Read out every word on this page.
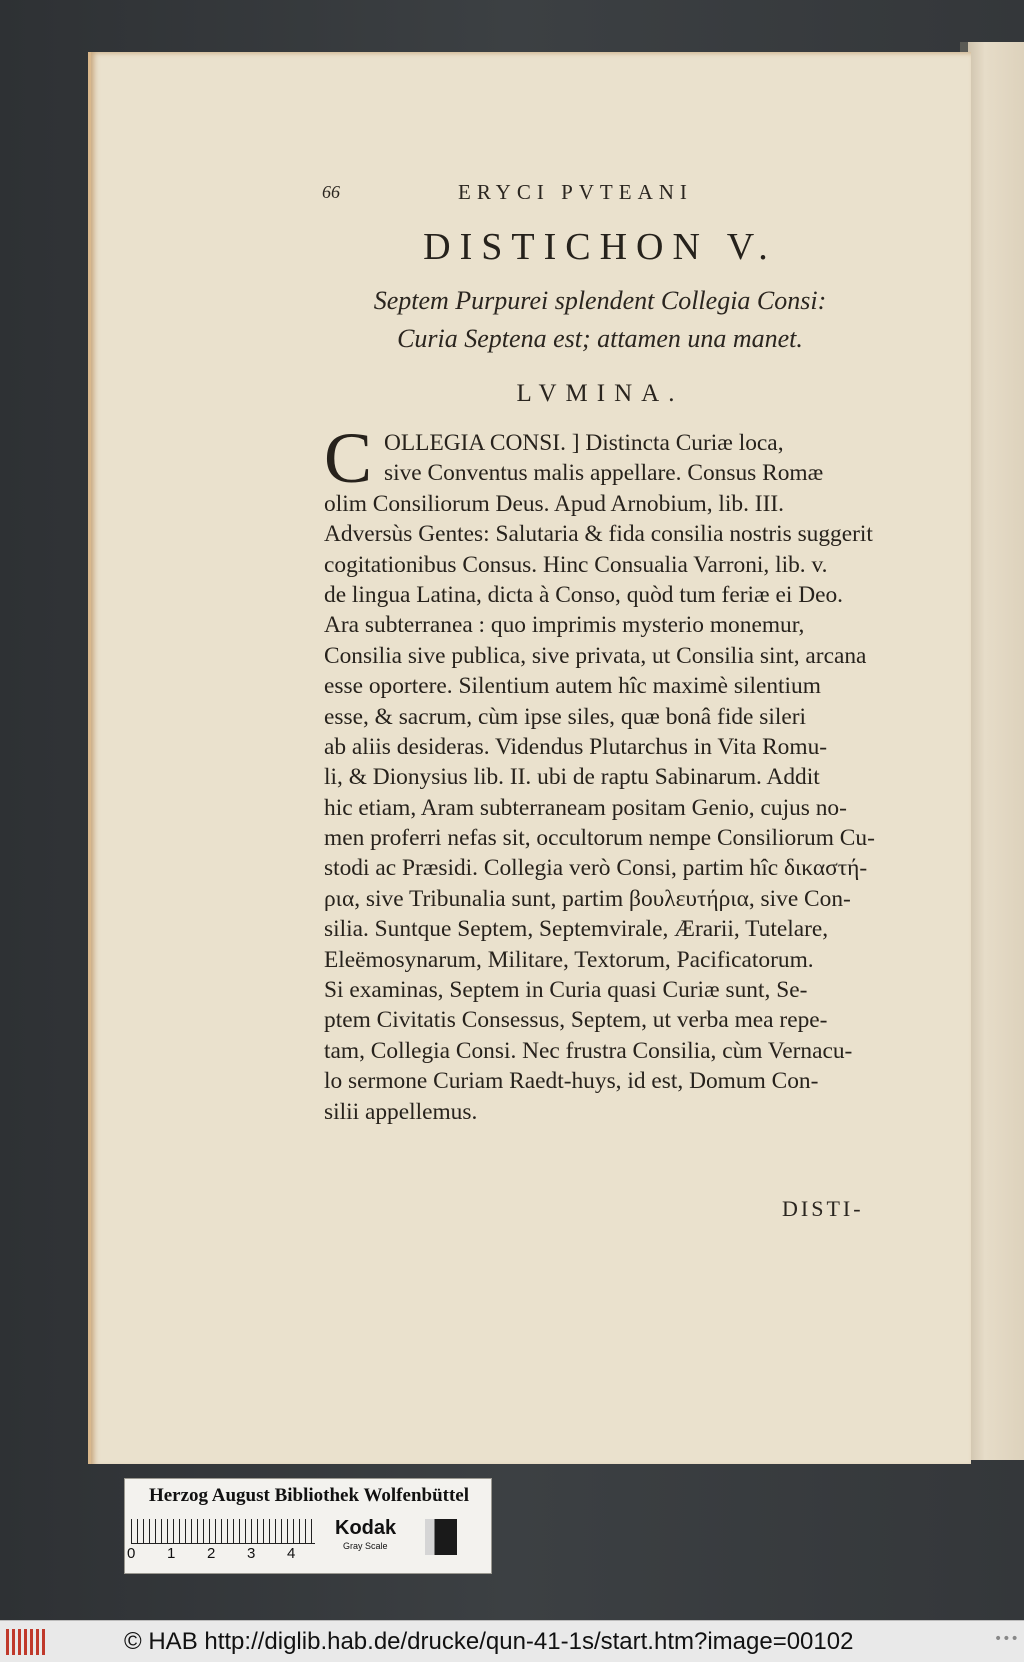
66	ERYCI PVTEANI
DISTICHON V.
Septem Purpurei splendent Collegia Consi:
Curia Septena est; attamen una manet.
LVMINA.
C OLLEGIA CONSI. ] Distincta Curiæ loca,
sive Conventus malis appellare. Consus Romæ
olim Consiliorum Deus. Apud Arnobium, lib. III.
Adversùs Gentes: Salutaria & fida consilia nostris suggerit
cogitationibus Consus. Hinc Consualia Varroni, lib. v.
de lingua Latina, dicta à Conso, quòd tum feriæ ei Deo.
Ara subterranea : quo imprimis mysterio monemur,
Consilia sive publica, sive privata, ut Consilia sint, arcana
esse oportere. Silentium autem hîc maximè silentium
esse, & sacrum, cùm ipse siles, quæ bonâ fide sileri
ab aliis desideras. Videndus Plutarchus in Vita Romu-
li, & Dionysius lib. II. ubi de raptu Sabinarum. Addit
hic etiam, Aram subterraneam positam Genio, cujus no-
men proferri nefas sit, occultorum nempe Consiliorum Cu-
stodi ac Præsidi. Collegia verò Consi, partim hîc δικαστή-
ρια, sive Tribunalia sunt, partim βουλευτήρια, sive Con-
silia. Suntque Septem, Septemvirale, Ærarii, Tutelare,
Eleëmosynarum, Militare, Textorum, Pacificatorum.
Si examinas, Septem in Curia quasi Curiæ sunt, Se-
ptem Civitatis Consessus, Septem, ut verba mea repe-
tam, Collegia Consi. Nec frustra Consilia, cùm Vernacu-
lo sermone Curiam Raedt-huys, id est, Domum Con-
silii appellemus.
DISTI-
Herzog August Bibliothek Wolfenbüttel
0	1	2	3	4
Kodak
Gray Scale
© HAB http://diglib.hab.de/drucke/qun-41-1s/start.htm?image=00102	•••
